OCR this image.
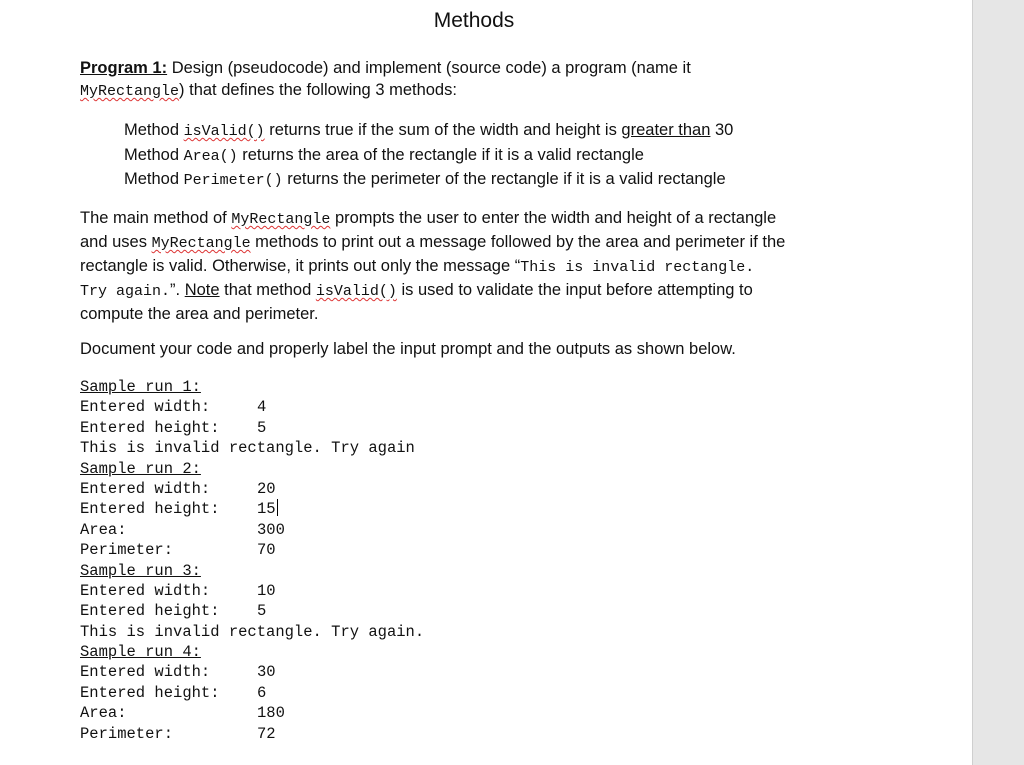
Methods
Program 1: Design (pseudocode) and implement (source code) a program (name it
MyRectangle) that defines the following 3 methods:
Method isValid() returns true if the sum of the width and height is greater than 30
Method Area() returns the area of the rectangle if it is a valid rectangle
Method Perimeter() returns the perimeter of the rectangle if it is a valid rectangle
The main method of MyRectangle prompts the user to enter the width and height of a rectangle
and uses MyRectangle methods to print out a message followed by the area and perimeter if the
rectangle is valid. Otherwise, it prints out only the message “This is invalid rectangle.
Try again.”. Note that method isValid() is used to validate the input before attempting to
compute the area and perimeter.
Document your code and properly label the input prompt and the outputs as shown below.
Sample run 1:
Entered width:	4
Entered height:	5
This is invalid rectangle. Try again
Sample run 2:
Entered width:	20
Entered height:	15
Area:	300
Perimeter:	70
Sample run 3:
Entered width:	10
Entered height:	5
This is invalid rectangle. Try again.
Sample run 4:
Entered width:	30
Entered height:	6
Area:	180
Perimeter:	72
